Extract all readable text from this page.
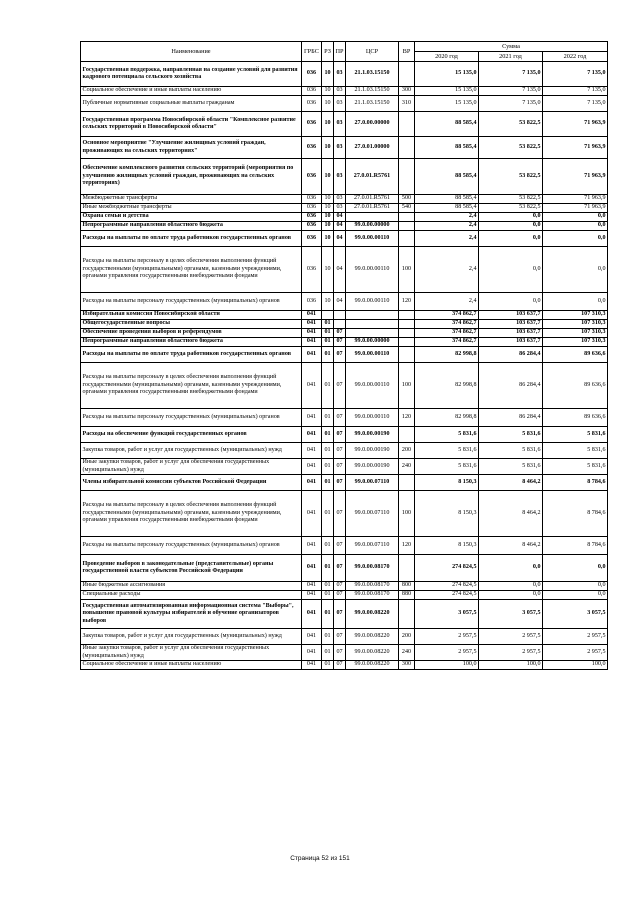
Наименование	ГРБС	РЗ	ПР	ЦСР	ВР	Сумма		
						2020 год	2021 год	2022 год
Государственная поддержка, направленная на создание условий для развития кадрового потенциала сельского хозяйства	036	10	03	21.1.03.15150		15 135,0	7 135,0	7 135,0
Социальное обеспечение и иные выплаты населению	036	10	03	21.1.03.15150	300	15 135,0	7 135,0	7 135,0
Публичные нормативные социальные выплаты гражданам	036	10	03	21.1.03.15150	310	15 135,0	7 135,0	7 135,0
Государственная программа Новосибирской области "Комплексное развитие сельских территорий в Новосибирской области"	036	10	03	27.0.00.00000		88 585,4	53 822,5	71 963,9
Основное мероприятие "Улучшение жилищных условий граждан, проживающих на сельских территориях"	036	10	03	27.0.01.00000		88 585,4	53 822,5	71 963,9
Обеспечение комплексного развития сельских территорий (мероприятия по улучшению жилищных условий граждан, проживающих на сельских территориях)	036	10	03	27.0.01.R5761		88 585,4	53 822,5	71 963,9
Межбюджетные трансферты	036	10	03	27.0.01.R5761	500	88 585,4	53 822,5	71 963,9
Иные межбюджетные трансферты	036	10	03	27.0.01.R5761	540	88 585,4	53 822,5	71 963,9
Охрана семьи и детства	036	10	04			2,4	0,0	0,0
Непрограммные направления областного бюджета	036	10	04	99.0.00.00000		2,4	0,0	0,0
Расходы на выплаты по оплате труда работников государственных органов	036	10	04	99.0.00.00110		2,4	0,0	0,0
Расходы на выплаты персоналу в целях обеспечения выполнения функций государственными (муниципальными) органами, казенными учреждениями, органами управления государственными внебюджетными фондами	036	10	04	99.0.00.00110	100	2,4	0,0	0,0
Расходы на выплаты персоналу государственных (муниципальных) органов	036	10	04	99.0.00.00110	120	2,4	0,0	0,0
Избирательная комиссия Новосибирской области	041					374 862,7	103 637,7	107 310,3
Общегосударственные вопросы	041	01				374 862,7	103 637,7	107 310,3
Обеспечение проведения выборов и референдумов	041	01	07			374 862,7	103 637,7	107 310,3
Непрограммные направления областного бюджета	041	01	07	99.0.00.00000		374 862,7	103 637,7	107 310,3
Расходы на выплаты по оплате труда работников государственных органов	041	01	07	99.0.00.00110		82 998,8	86 284,4	89 636,6
Расходы на выплаты персоналу в целях обеспечения выполнения функций государственными (муниципальными) органами, казенными учреждениями, органами управления государственными внебюджетными фондами	041	01	07	99.0.00.00110	100	82 998,8	86 284,4	89 636,6
Расходы на выплаты персоналу государственных (муниципальных) органов	041	01	07	99.0.00.00110	120	82 998,8	86 284,4	89 636,6
Расходы на обеспечение функций государственных органов	041	01	07	99.0.00.00190		5 831,6	5 831,6	5 831,6
Закупка товаров, работ и услуг для государственных (муниципальных) нужд	041	01	07	99.0.00.00190	200	5 831,6	5 831,6	5 831,6
Иные закупки товаров, работ и услуг для обеспечения государственных (муниципальных) нужд	041	01	07	99.0.00.00190	240	5 831,6	5 831,6	5 831,6
Члены избирательной комиссии субъектов Российской Федерации	041	01	07	99.0.00.07110		8 150,3	8 464,2	8 784,6
Расходы на выплаты персоналу в целях обеспечения выполнения функций государственными (муниципальными) органами, казенными учреждениями, органами управления государственными внебюджетными фондами	041	01	07	99.0.00.07110	100	8 150,3	8 464,2	8 784,6
Расходы на выплаты персоналу государственных (муниципальных) органов	041	01	07	99.0.00.07110	120	8 150,3	8 464,2	8 784,6
Проведение выборов в законодательные (представительные) органы государственной власти субъектов Российской Федерации	041	01	07	99.0.00.08170		274 824,5	0,0	0,0
Иные бюджетные ассигнования	041	01	07	99.0.00.08170	800	274 824,5	0,0	0,0
Специальные расходы	041	01	07	99.0.00.08170	880	274 824,5	0,0	0,0
Государственная автоматизированная информационная система "Выборы", повышение правовой культуры избирателей и обучение организаторов выборов	041	01	07	99.0.00.08220		3 057,5	3 057,5	3 057,5
Закупка товаров, работ и услуг для государственных (муниципальных) нужд	041	01	07	99.0.00.08220	200	2 957,5	2 957,5	2 957,5
Иные закупки товаров, работ и услуг для обеспечения государственных (муниципальных) нужд	041	01	07	99.0.00.08220	240	2 957,5	2 957,5	2 957,5
Социальное обеспечение и иные выплаты населению	041	01	07	99.0.00.08220	300	100,0	100,0	100,0
Страница 52 из 151
